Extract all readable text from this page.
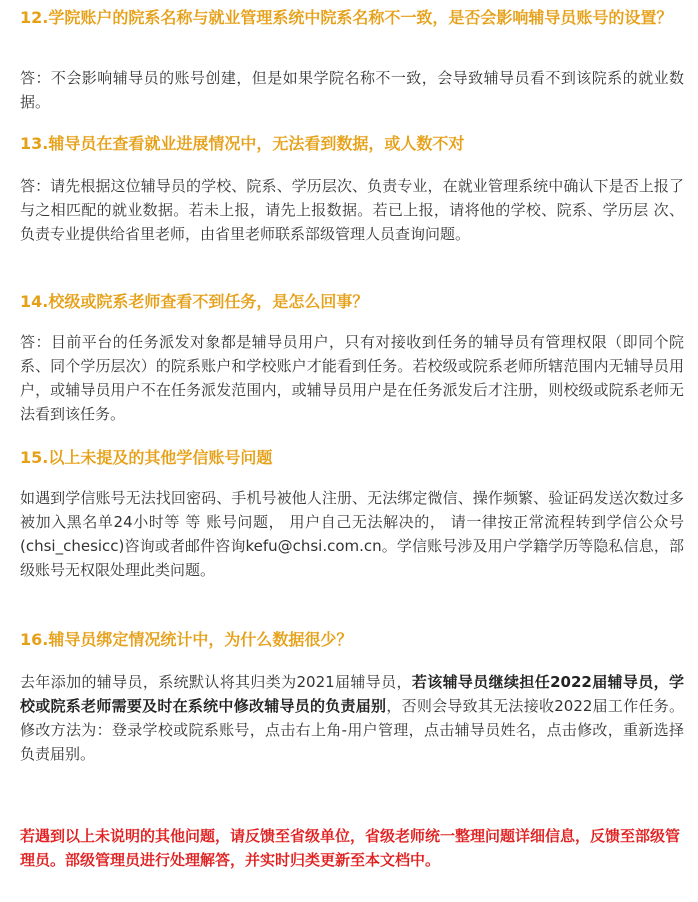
12.学院账户的院系名称与就业管理系统中院系名称不一致，是否会影响辅导员账号的设置？

答：不会影响辅导员的账号创建，但是如果学院名称不一致，会导致辅导员看不到该院系的就业数据。

13.辅导员在查看就业进展情况中，无法看到数据，或人数不对

答：请先根据这位辅导员的学校、院系、学历层次、负责专业，在就业管理系统中确认下是否上报了与之相匹配的就业数据。若未上报，请先上报数据。若已上报，请将他的学校、院系、学历层 次、负责专业提供给省里老师，由省里老师联系部级管理人员查询问题。

14.校级或院系老师查看不到任务，是怎么回事？

答：目前平台的任务派发对象都是辅导员用户，只有对接收到任务的辅导员有管理权限（即同个院系、同个学历层次）的院系账户和学校账户才能看到任务。若校级或院系老师所辖范围内无辅导员用户，或辅导员用户不在任务派发范围内，或辅导员用户是在任务派发后才注册，则校级或院系老师无法看到该任务。

15.以上未提及的其他学信账号问题

如遇到学信账号无法找回密码、手机号被他人注册、无法绑定微信、操作频繁、验证码发送次数过多被加入黑名单24小时等 等 账号问题， 用户自己无法解决的， 请一律按正常流程转到学信公众号(chsi_chesicc)咨询或者邮件咨询kefu@chsi.com.cn。学信账号涉及用户学籍学历等隐私信息，部级账号无权限处理此类问题。

16.辅导员绑定情况统计中，为什么数据很少？

去年添加的辅导员，系统默认将其归类为2021届辅导员，若该辅导员继续担任2022届辅导员，学校或院系老师需要及时在系统中修改辅导员的负责届别，否则会导致其无法接收2022届工作任务。修改方法为：登录学校或院系账号，点击右上角-用户管理，点击辅导员姓名，点击修改，重新选择负责届别。

若遇到以上未说明的其他问题，请反馈至省级单位，省级老师统一整理问题详细信息，反馈至部级管理员。部级管理员进行处理解答，并实时归类更新至本文档中。
